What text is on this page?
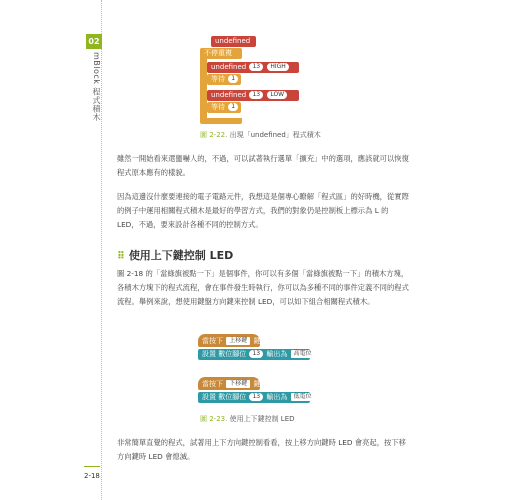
02
mBlock 程式積木
2-18
undefined
不停重複
undefined 13 HIGH
等待 1 秒
undefined 13 LOW
等待 1 秒
圖 2-22. 出現「undefined」程式積木
雖然一開始看來還蠻嚇人的，不過，可以試著執行選單「擴充」中的選項，應該就可以恢復程式原本應有的樣貌。
因為這邊沒什麼要連接的電子電路元件，我想這是個專心瞭解「程式區」的好時機，從實際的例子中運用相關程式積木是最好的學習方式，我們的對象仍是控制板上標示為 L 的 LED，不過，要來設計各種不同的控制方式。
⠿ 使用上下鍵控制 LED
圖 2-18 的「當綠旗被點一下」是個事件，你可以有多個「當綠旗被點一下」的積木方塊，各積木方塊下的程式流程，會在事件發生時執行，你可以為多種不同的事件定義不同的程式流程。舉例來說，想使用鍵盤方向鍵來控制 LED，可以如下組合相關程式積木。
當按下 上移鍵 鍵
設置 數位腳位 13 輸出為 高電位
當按下 下移鍵 鍵
設置 數位腳位 13 輸出為 低電位
圖 2-23. 使用上下鍵控制 LED
非常簡單直覺的程式，試著用上下方向鍵控制看看，按上移方向鍵時 LED 會亮起，按下移方向鍵時 LED 會熄滅。
